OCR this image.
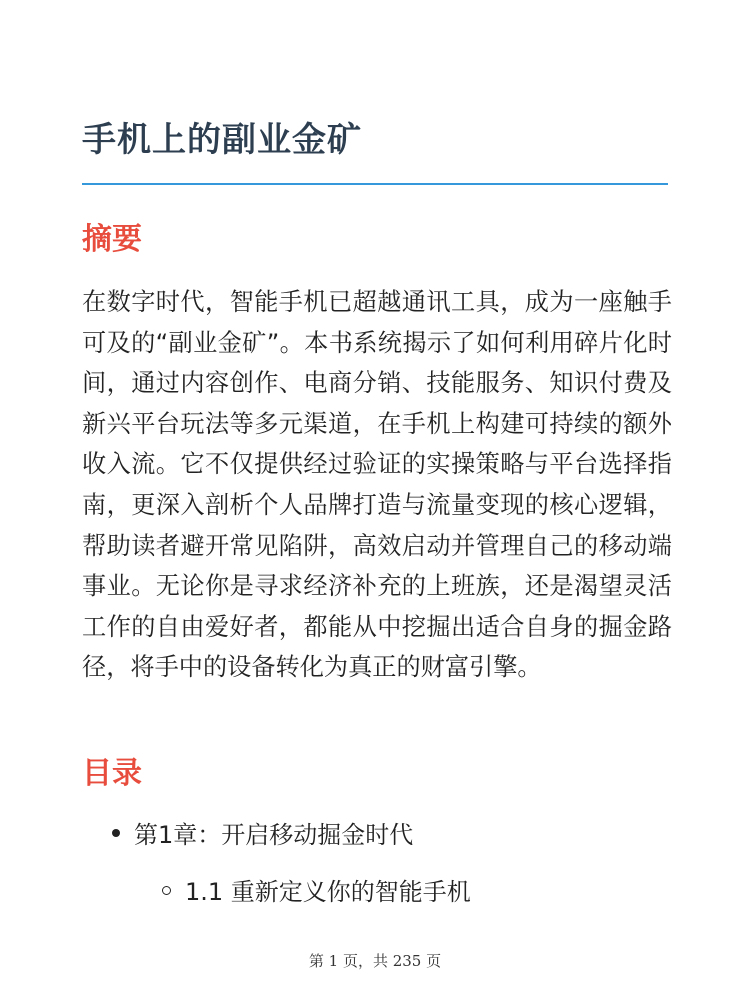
手机上的副业金矿
摘要

在数字时代，智能手机已超越通讯工具，成为一座触手可及的“副业金矿”。本书系统揭示了如何利用碎片化时间，通过内容创作、电商分销、技能服务、知识付费及新兴平台玩法等多元渠道，在手机上构建可持续的额外收入流。它不仅提供经过验证的实操策略与平台选择指南，更深入剖析个人品牌打造与流量变现的核心逻辑，帮助读者避开常见陷阱，高效启动并管理自己的移动端事业。无论你是寻求经济补充的上班族，还是渴望灵活工作的自由爱好者，都能从中挖掘出适合自身的掘金路径，将手中的设备转化为真正的财富引擎。

目录
第1章：开启移动掘金时代
1.1 重新定义你的智能手机
第 1 页，共 235 页
